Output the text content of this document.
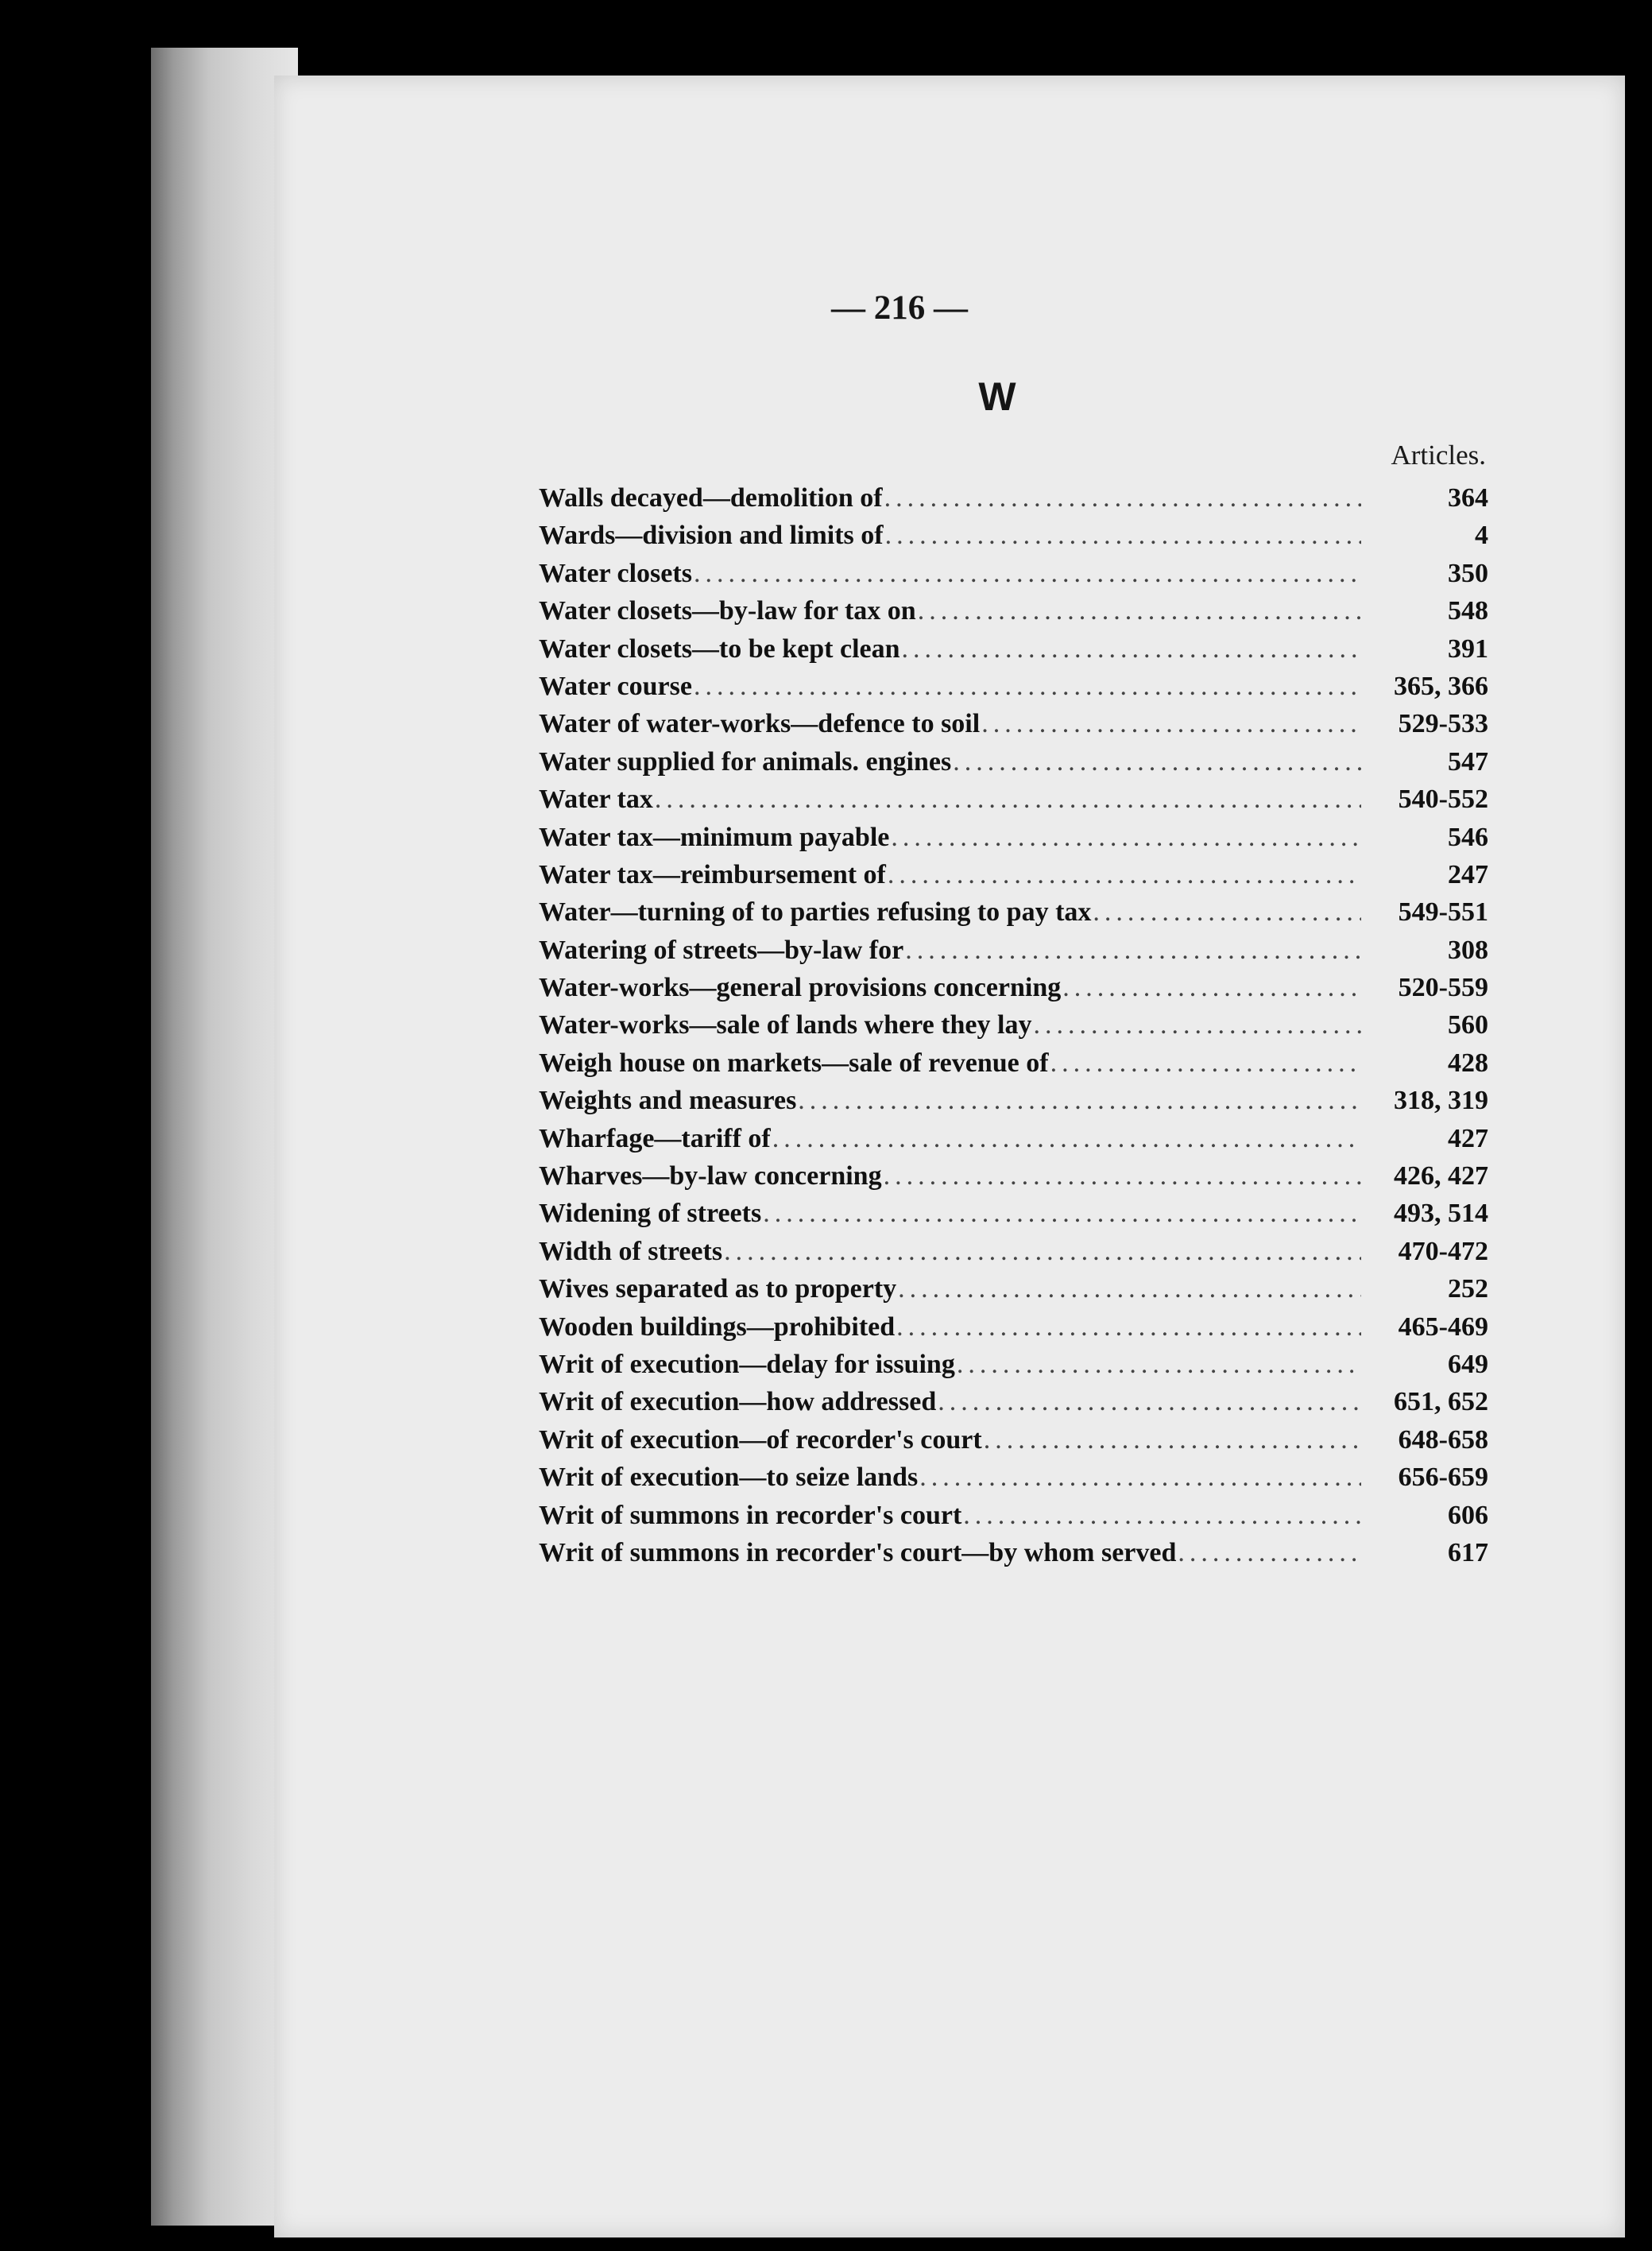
— 216 —
W
Articles.
Walls decayed—demolition of .....	364
Wards—division and limits of .....	4
Water closets .....	350
Water closets—by-law for tax on .....	548
Water closets—to be kept clean .....	391
Water course .....	365, 366
Water of water-works—defence to soil .....	529-533
Water supplied for animals. engines .....	547
Water tax .....	540-552
Water tax—minimum payable .....	546
Water tax—reimbursement of .....	247
Water—turning of to parties refusing to pay tax .....	549-551
Watering of streets—by-law for .....	308
Water-works—general provisions concerning .....	520-559
Water-works—sale of lands where they lay .....	560
Weigh house on markets—sale of revenue of .....	428
Weights and measures .....	318, 319
Wharfage—tariff of .....	427
Wharves—by-law concerning .....	426, 427
Widening of streets .....	493, 514
Width of streets .....	470-472
Wives separated as to property .....	252
Wooden buildings—prohibited .....	465-469
Writ of execution—delay for issuing .....	649
Writ of execution—how addressed .....	651, 652
Writ of execution—of recorder's court .....	648-658
Writ of execution—to seize lands .....	656-659
Writ of summons in recorder's court .....	606
Writ of summons in recorder's court—by whom served .....	617
